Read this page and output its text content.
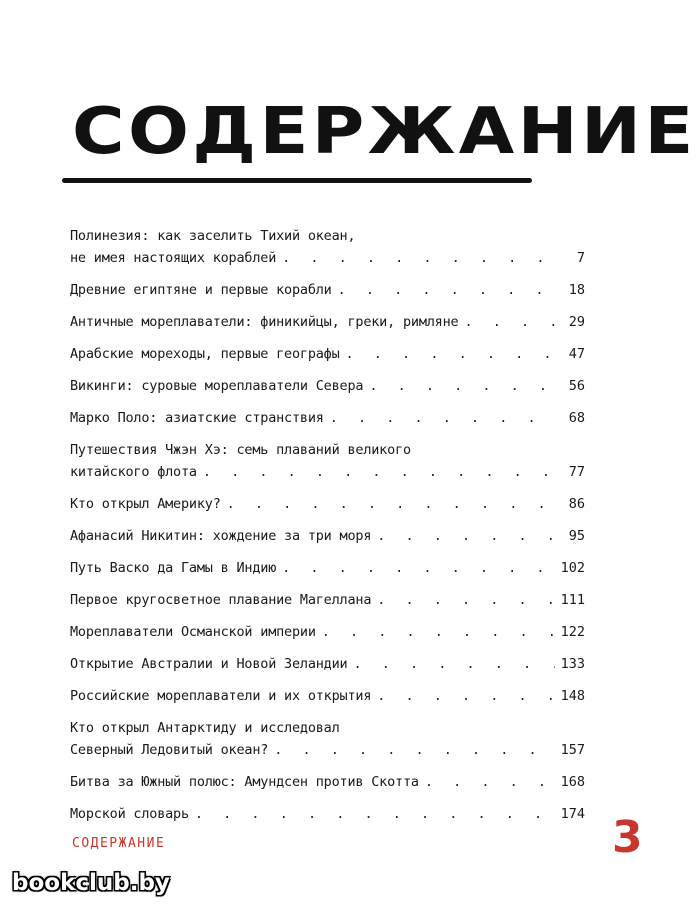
СОДЕРЖАНИЕ
Полинезия: как заселить Тихий океан,
не имея настоящих кораблей . . .	7
Древние египтяне и первые корабли . . .	18
Античные мореплаватели: финикийцы, греки, римляне . . .	29
Арабские мореходы, первые географы . . .	47
Викинги: суровые мореплаватели Севера . . .	56
Марко Поло: азиатские странствия . . .	68
Путешествия Чжэн Хэ: семь плаваний великого
китайского флота . . .	77
Кто открыл Америку? . . .	86
Афанасий Никитин: хождение за три моря . . .	95
Путь Васко да Гамы в Индию . . .	102
Первое кругосветное плавание Магеллана . . .	111
Мореплаватели Османской империи . . .	122
Открытие Австралии и Новой Зеландии . . .	133
Российские мореплаватели и их открытия . . .	148
Кто открыл Антарктиду и исследовал
Северный Ледовитый океан? . . .	157
Битва за Южный полюс: Амундсен против Скотта . . .	168
Морской словарь . . .	174
СОДЕРЖАНИЕ	3
bookclub.by
